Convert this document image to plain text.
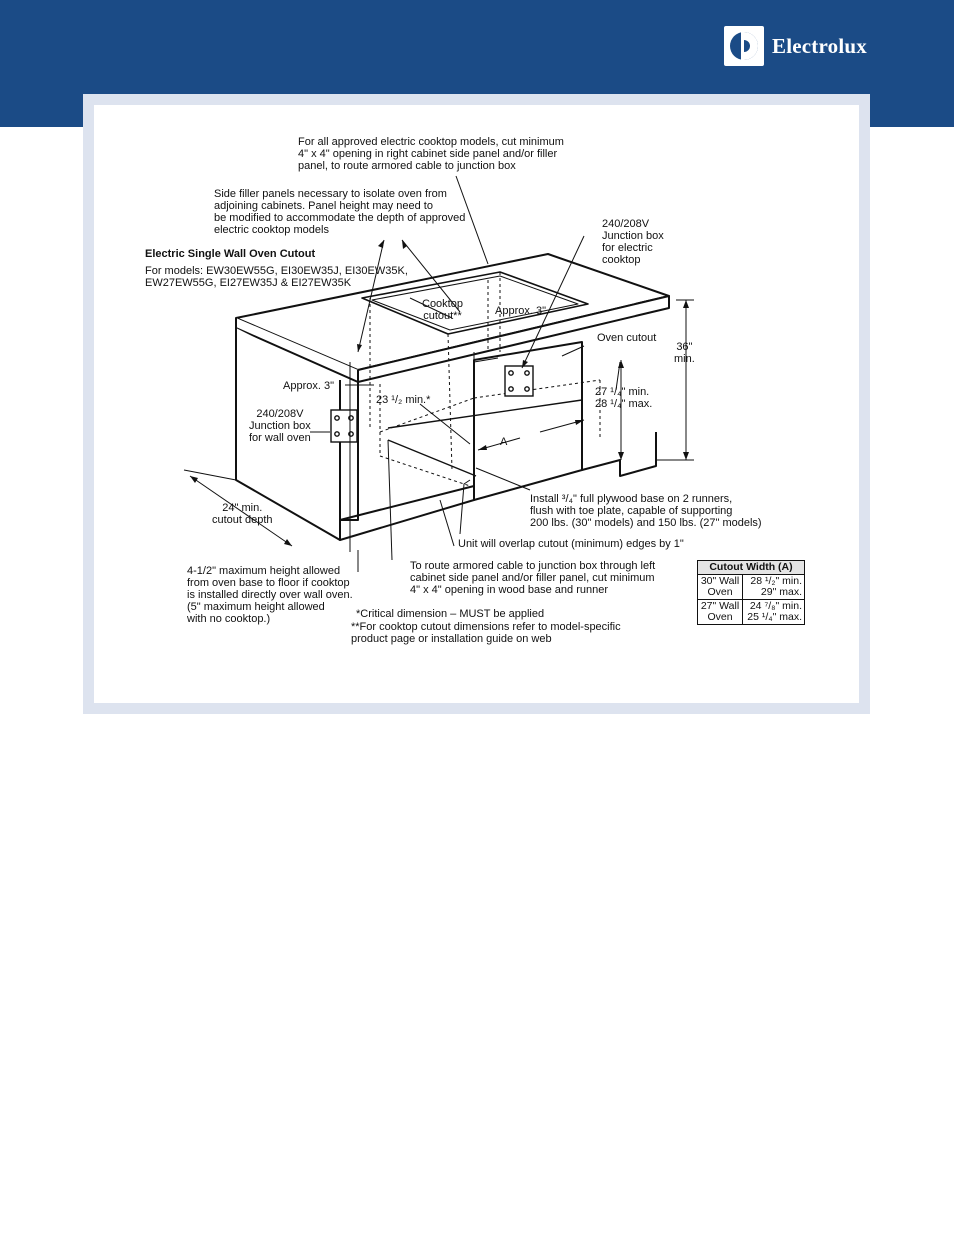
Electrolux
For all approved electric cooktop models, cut minimum
4" x 4" opening in right cabinet side panel and/or filler
panel, to route armored cable to junction box
Side filler panels necessary to isolate oven from
adjoining cabinets. Panel height may need to
be modified to accommodate the depth of approved
electric cooktop models
Electric Single Wall Oven Cutout
For models: EW30EW55G, EI30EW35J, EI30EW35K,
EW27EW55G, EI27EW35J & EI27EW35K
240/208V
Junction box
for electric
cooktop
Cooktop
cutout**	Approx. 3"
Oven cutout
36"
min.
Approx. 3"
23 ¹/₂ min.*
27 ¹/₄" min.
28 ¹/₄" max.
240/208V
Junction box
for wall oven	A
Install ³/₄" full plywood base on 2 runners,
flush with toe plate, capable of supporting
200 lbs. (30" models) and 150 lbs. (27" models)
24" min.
cutout depth
Unit will overlap cutout (minimum) edges by 1"
4-1/2" maximum height allowed
from oven base to floor if cooktop
is installed directly over wall oven.
(5" maximum height allowed
with no cooktop.)
To route armored cable to junction box through left
cabinet side panel and/or filler panel, cut minimum
4" x 4" opening in wood base and runner
*Critical dimension – MUST be applied
**For cooktop cutout dimensions refer to model-specific
product page or installation guide on web
Cutout Width (A)	
30" Wall
Oven	28 ¹/₂" min.
29" max.
27" Wall
Oven	24 ⁷/₈" min.
25 ¹/₄" max.
